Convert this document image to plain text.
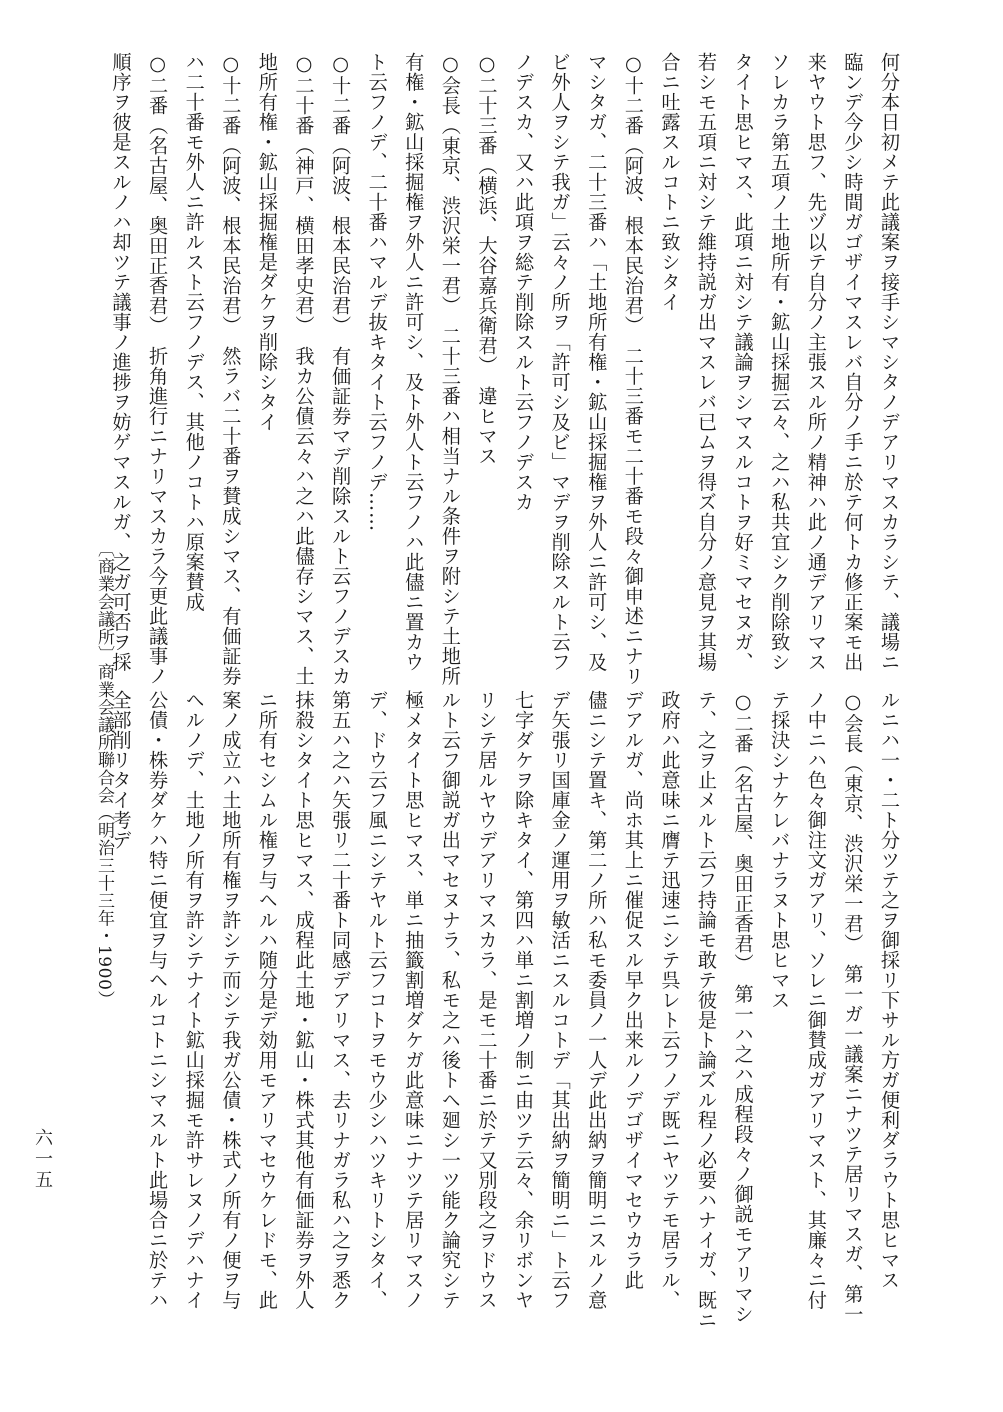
何分本日初メテ此議案ヲ接手シマシタノデアリマスカラシテ、議場ニ

臨ンデ今少シ時間ガゴザイマスレバ自分ノ手ニ於テ何トカ修正案モ出

来ヤウト思フ、先ヅ以テ自分ノ主張スル所ノ精神ハ此ノ通デアリマス

ソレカラ第五項ノ土地所有・鉱山採掘云々、之ハ私共宜シク削除致シ

タイト思ヒマス、此項ニ対シテ議論ヲシマスルコトヲ好ミマセヌガ、

若シモ五項ニ対シテ維持説ガ出マスレバ已ムヲ得ズ自分ノ意見ヲ其場

合ニ吐露スルコトニ致シタイ

○十二番（阿波、根本民治君）　二十三番モ二十番モ段々御申述ニナリ

マシタガ、二十三番ハ「土地所有権・鉱山採掘権ヲ外人ニ許可シ、及

ビ外人ヲシテ我ガ」云々ノ所ヲ「許可シ及ビ」マデヲ削除スルト云フ

ノデスカ、又ハ此項ヲ総テ削除スルト云フノデスカ

○二十三番（横浜、大谷嘉兵衛君）　違ヒマス

○会長（東京、渋沢栄一君）　二十三番ハ相当ナル条件ヲ附シテ土地所

有権・鉱山採掘権ヲ外人ニ許可シ、及ト外人ト云フノハ此儘ニ置カウ

ト云フノデ、二十番ハマルデ抜キタイト云フノデ……

○十二番（阿波、根本民治君）　有価証券マデ削除スルト云フノデスカ

○二十番（神戸、横田孝史君）　我カ公債云々ハ之ハ此儘存シマス、土

地所有権・鉱山採掘権是ダケヲ削除シタイ

○十二番（阿波、根本民治君）　然ラバ二十番ヲ賛成シマス、有価証券

ハ二十番モ外人ニ許ルスト云フノデス、其他ノコトハ原案賛成

○二番（名古屋、奥田正香君）　折角進行ニナリマスカラ今更此議事ノ

順序ヲ彼是スルノハ却ツテ議事ノ進捗ヲ妨ゲマスルガ、之ガ可否ヲ採

ルニハ一・二ト分ツテ之ヲ御採リ下サル方ガ便利ダラウト思ヒマス

○会長（東京、渋沢栄一君）　第一ガ一議案ニナツテ居リマスガ、第一

ノ中ニハ色々御注文ガアリ、ソレニ御賛成ガアリマスト、其廉々ニ付

テ採決シナケレバナラヌト思ヒマス

○二番（名古屋、奥田正香君）　第一ハ之ハ成程段々ノ御説モアリマシ

テ、之ヲ止メルト云フ持論モ敢テ彼是ト論ズル程ノ必要ハナイガ、既ニ

政府ハ此意味ニ膺テ迅速ニシテ呉レト云フノデ既ニヤツテモ居ラル、

デアルガ、尚ホ其上ニ催促スル早ク出来ルノデゴザイマセウカラ此

儘ニシテ置キ、第二ノ所ハ私モ委員ノ一人デ此出納ヲ簡明ニスルノ意

デ矢張リ国庫金ノ運用ヲ敏活ニスルコトデ「其出納ヲ簡明ニ」ト云フ

七字ダケヲ除キタイ、第四ハ単ニ割増ノ制ニ由ツテ云々、余リボンヤ

リシテ居ルヤウデアリマスカラ、是モ二十番ニ於テ又別段之ヲドウス

ルト云フ御説ガ出マセヌナラ、私モ之ハ後トヘ廻シ一ツ能ク論究シテ

極メタイト思ヒマス、単ニ抽籤割増ダケガ此意味ニナツテ居リマスノ

デ、ドウ云フ風ニシテヤルト云フコトヲモウ少シハツキリトシタイ、

第五ハ之ハ矢張リ二十番ト同感デアリマス、去リナガラ私ハ之ヲ悉ク

抹殺シタイト思ヒマス、成程此土地・鉱山・株式其他有価証券ヲ外人

ニ所有セシムル権ヲ与ヘルハ随分是デ効用モアリマセウケレドモ、此

案ノ成立ハ土地所有権ヲ許シテ而シテ我ガ公債・株式ノ所有ノ便ヲ与

ヘルノデ、土地ノ所有ヲ許シテナイト鉱山採掘モ許サレヌノデハナイ

公債・株券ダケハ特ニ便宜ヲ与ヘルコトニシマスルト此場合ニ於テハ

全部削リタイ考デ

〔商業会議所〕商業会議所聯合会（明治三十三年・1900）
六一五
